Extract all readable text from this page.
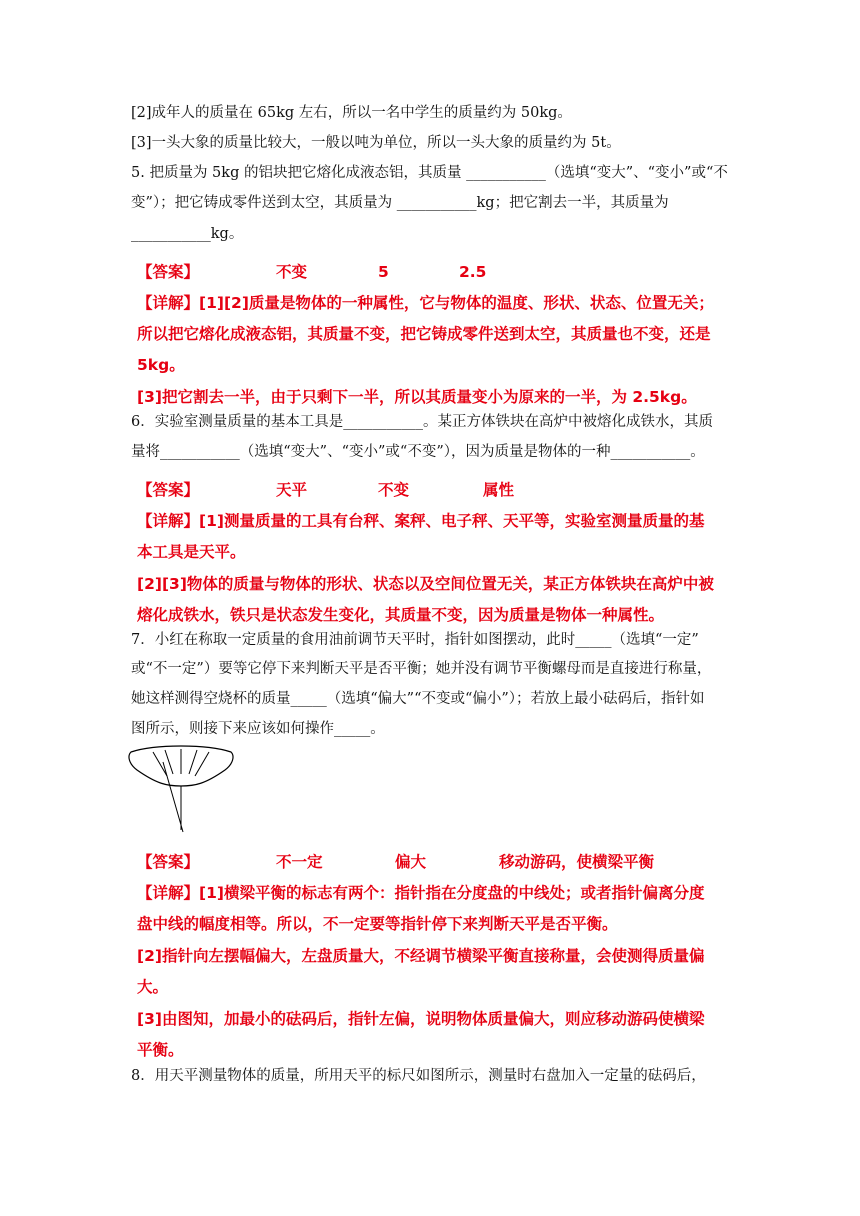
[2]成年人的质量在 65kg 左右，所以一名中学生的质量约为 50kg。
[3]一头大象的质量比较大，一般以吨为单位，所以一头大象的质量约为 5t。
5. 把质量为 5kg 的铝块把它熔化成液态铝，其质量 ___________（选填“变大”、“变小”或“不
变”）；把它铸成零件送到太空，其质量为 ___________kg；把它割去一半，其质量为
___________kg。
【答案】	不变	5	2.5
【详解】[1][2]质量是物体的一种属性，它与物体的温度、形状、状态、位置无关；
所以把它熔化成液态铝，其质量不变，把它铸成零件送到太空，其质量也不变，还是
5kg。
[3]把它割去一半，由于只剩下一半，所以其质量变小为原来的一半，为 2.5kg。
6．实验室测量质量的基本工具是___________。某正方体铁块在高炉中被熔化成铁水，其质
量将___________（选填“变大”、“变小”或“不变”），因为质量是物体的一种___________。
【答案】	天平	不变	属性
【详解】[1]测量质量的工具有台秤、案秤、电子秤、天平等，实验室测量质量的基
本工具是天平。
[2][3]物体的质量与物体的形状、状态以及空间位置无关，某正方体铁块在高炉中被
熔化成铁水，铁只是状态发生变化，其质量不变，因为质量是物体一种属性。
7．小红在称取一定质量的食用油前调节天平时，指针如图摆动，此时_____（选填“一定”
或“不一定”）要等它停下来判断天平是否平衡；她并没有调节平衡螺母而是直接进行称量，
她这样测得空烧杯的质量_____（选填“偏大”“不变或“偏小”）；若放上最小砝码后，指针如
图所示，则接下来应该如何操作_____。
【答案】	不一定	偏大	移动游码，使横梁平衡
【详解】[1]横梁平衡的标志有两个：指针指在分度盘的中线处；或者指针偏离分度
盘中线的幅度相等。所以，不一定要等指针停下来判断天平是否平衡。
[2]指针向左摆幅偏大，左盘质量大，不经调节横梁平衡直接称量，会使测得质量偏
大。
[3]由图知，加最小的砝码后，指针左偏，说明物体质量偏大，则应移动游码使横梁
平衡。
8．用天平测量物体的质量，所用天平的标尺如图所示，测量时右盘加入一定量的砝码后，
